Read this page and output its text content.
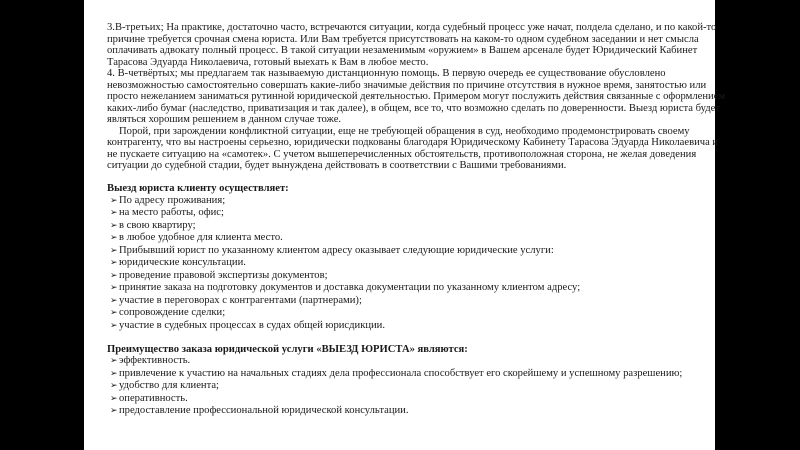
3.В-третьих; На практике, достаточно часто, встречаются ситуации, когда судебный процесс уже начат, полдела сделано, и по какой-то

причине требуется срочная смена юриста. Или Вам требуется присутствовать на каком-то одном судебном заседании и нет смысла

оплачивать адвокату полный процесс. В такой ситуации незаменимым «оружием» в Вашем арсенале будет Юридический Кабинет

Тарасова Эдуарда Николаевича, готовый выехать к Вам в любое место.

4. В-четвёртых; мы предлагаем так называемую дистанционную помощь. В первую очередь ее существование обусловлено

невозможностью самостоятельно совершать какие-либо значимые действия по причине отсутствия в нужное время, занятостью или

просто нежеланием заниматься рутинной юридической деятельностью. Примером могут послужить действия связанные с оформлением

каких-либо бумаг (наследство, приватизация и так далее), в общем, все то, что возможно сделать по доверенности. Выезд юриста будет

являться хорошим решением в данном случае тоже.

Порой, при зарождении конфликтной ситуации, еще не требующей обращения в суд, необходимо продемонстрировать своему

контрагенту, что вы настроены серьезно, юридически подкованы благодаря Юридическому Кабинету Тарасова Эдуарда Николаевича и

не пускаете ситуацию на «самотек». С учетом вышеперечисленных обстоятельств, противоположная сторона, не желая доведения

ситуации до судебной стадии, будет вынуждена действовать в соответствии с Вашими требованиями.

Выезд юриста клиенту осуществляет:

➢По адресу проживания;
➢на место работы, офис;
➢в свою квартиру;
➢в любое удобное для клиента место.
➢Прибывший юрист по указанному клиентом адресу оказывает следующие юридические услуги:
➢юридические консультации.
➢проведение правовой экспертизы документов;
➢принятие заказа на подготовку документов и доставка документации по указанному клиентом адресу;
➢участие в переговорах с контрагентами (партнерами);
➢сопровождение сделки;
➢участие в судебных процессах в судах общей юрисдикции.

Преимущество заказа юридической услуги «ВЫЕЗД ЮРИСТА» являются:

➢эффективность.
➢привлечение к участию на начальных стадиях дела профессионала способствует его скорейшему и успешному разрешению;
➢удобство для клиента;
➢оперативность.
➢предоставление профессиональной юридической консультации.
